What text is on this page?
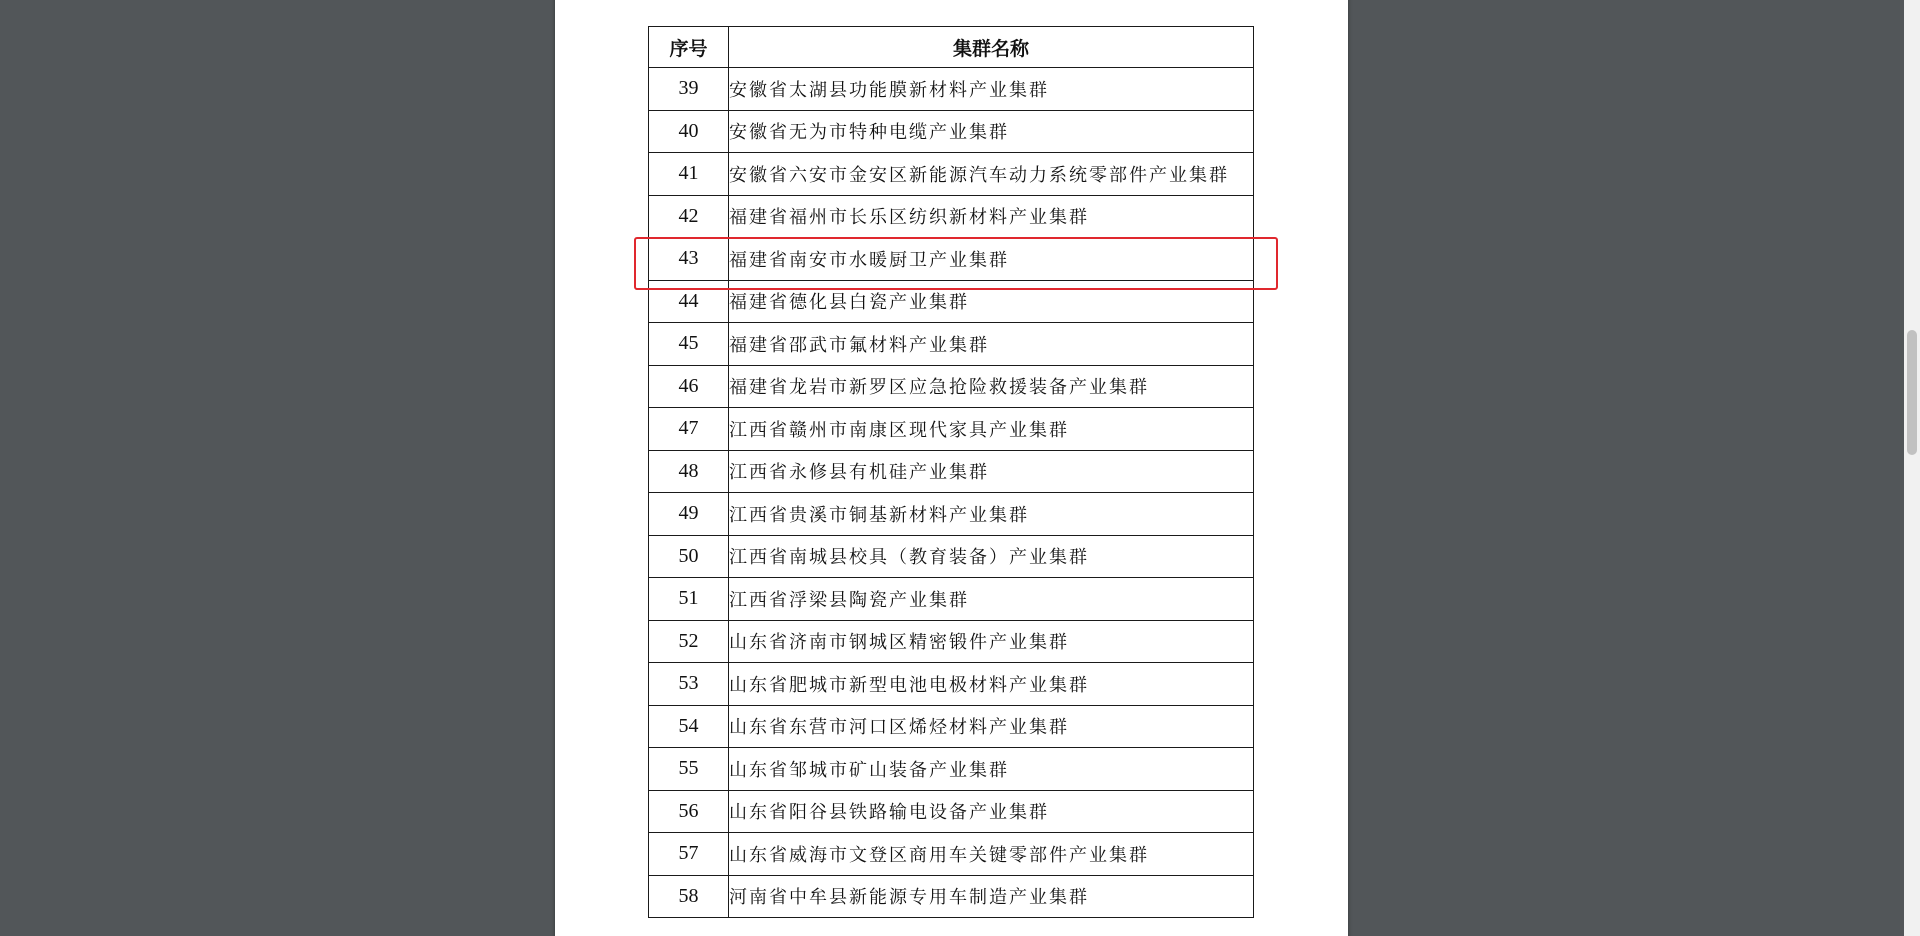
序号	集群名称
39	安徽省太湖县功能膜新材料产业集群
40	安徽省无为市特种电缆产业集群
41	安徽省六安市金安区新能源汽车动力系统零部件产业集群
42	福建省福州市长乐区纺织新材料产业集群
43	福建省南安市水暖厨卫产业集群
44	福建省德化县白瓷产业集群
45	福建省邵武市氟材料产业集群
46	福建省龙岩市新罗区应急抢险救援装备产业集群
47	江西省赣州市南康区现代家具产业集群
48	江西省永修县有机硅产业集群
49	江西省贵溪市铜基新材料产业集群
50	江西省南城县校具（教育装备）产业集群
51	江西省浮梁县陶瓷产业集群
52	山东省济南市钢城区精密锻件产业集群
53	山东省肥城市新型电池电极材料产业集群
54	山东省东营市河口区烯烃材料产业集群
55	山东省邹城市矿山装备产业集群
56	山东省阳谷县铁路输电设备产业集群
57	山东省威海市文登区商用车关键零部件产业集群
58	河南省中牟县新能源专用车制造产业集群
